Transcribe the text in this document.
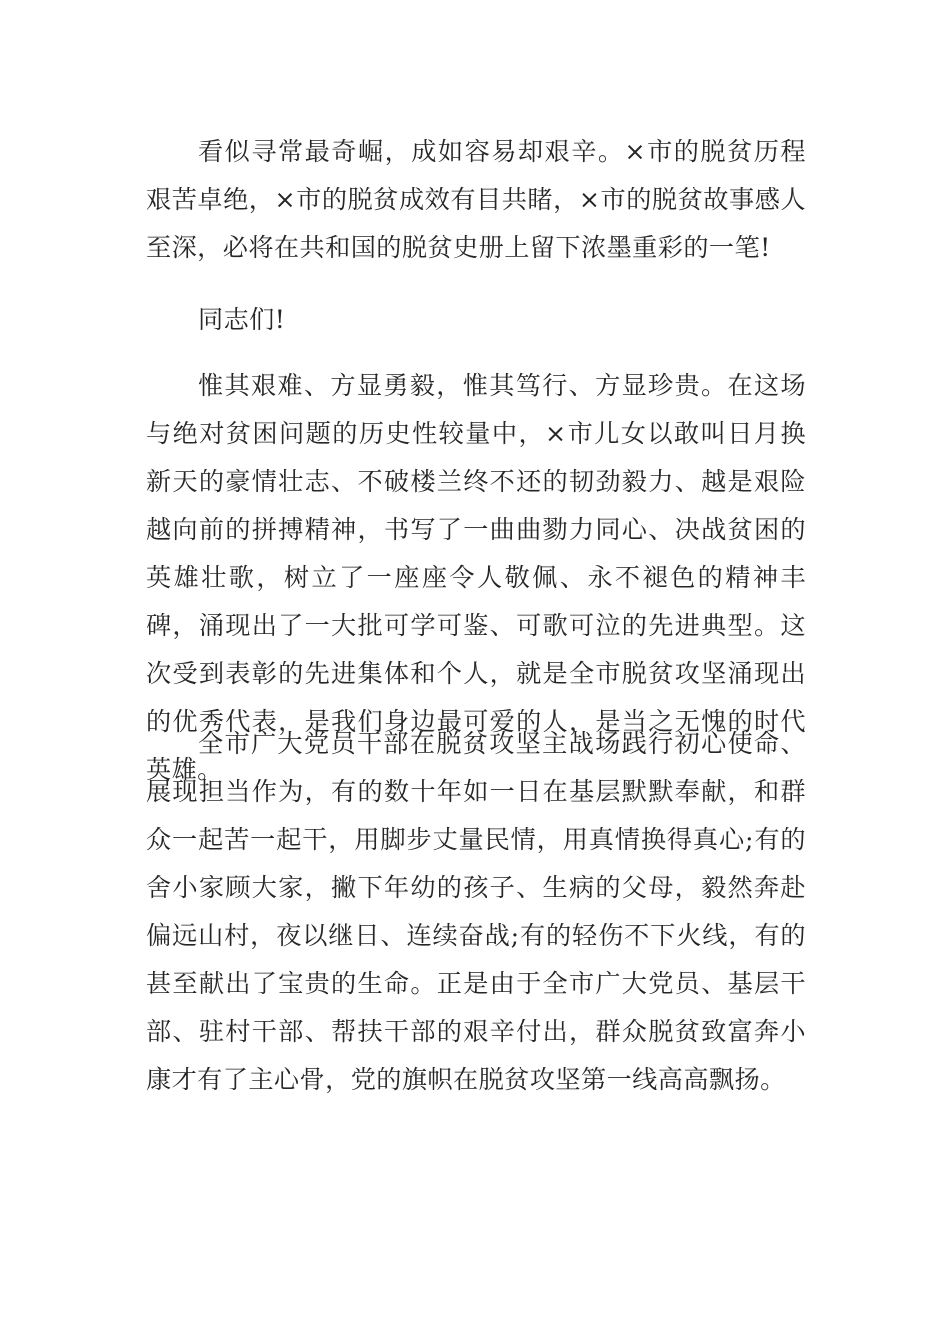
看似寻常最奇崛，成如容易却艰辛。×市的脱贫历程艰苦卓绝，×市的脱贫成效有目共睹，×市的脱贫故事感人至深，必将在共和国的脱贫史册上留下浓墨重彩的一笔!

同志们!

惟其艰难、方显勇毅，惟其笃行、方显珍贵。在这场与绝对贫困问题的历史性较量中，×市儿女以敢叫日月换新天的豪情壮志、不破楼兰终不还的韧劲毅力、越是艰险越向前的拼搏精神，书写了一曲曲勠力同心、决战贫困的英雄壮歌，树立了一座座令人敬佩、永不褪色的精神丰碑，涌现出了一大批可学可鉴、可歌可泣的先进典型。这次受到表彰的先进集体和个人，就是全市脱贫攻坚涌现出的优秀代表，是我们身边最可爱的人，是当之无愧的时代英雄。

全市广大党员干部在脱贫攻坚主战场践行初心使命、展现担当作为，有的数十年如一日在基层默默奉献，和群众一起苦一起干，用脚步丈量民情，用真情换得真心;有的舍小家顾大家，撇下年幼的孩子、生病的父母，毅然奔赴偏远山村，夜以继日、连续奋战;有的轻伤不下火线，有的甚至献出了宝贵的生命。正是由于全市广大党员、基层干部、驻村干部、帮扶干部的艰辛付出，群众脱贫致富奔小康才有了主心骨，党的旗帜在脱贫攻坚第一线高高飘扬。
